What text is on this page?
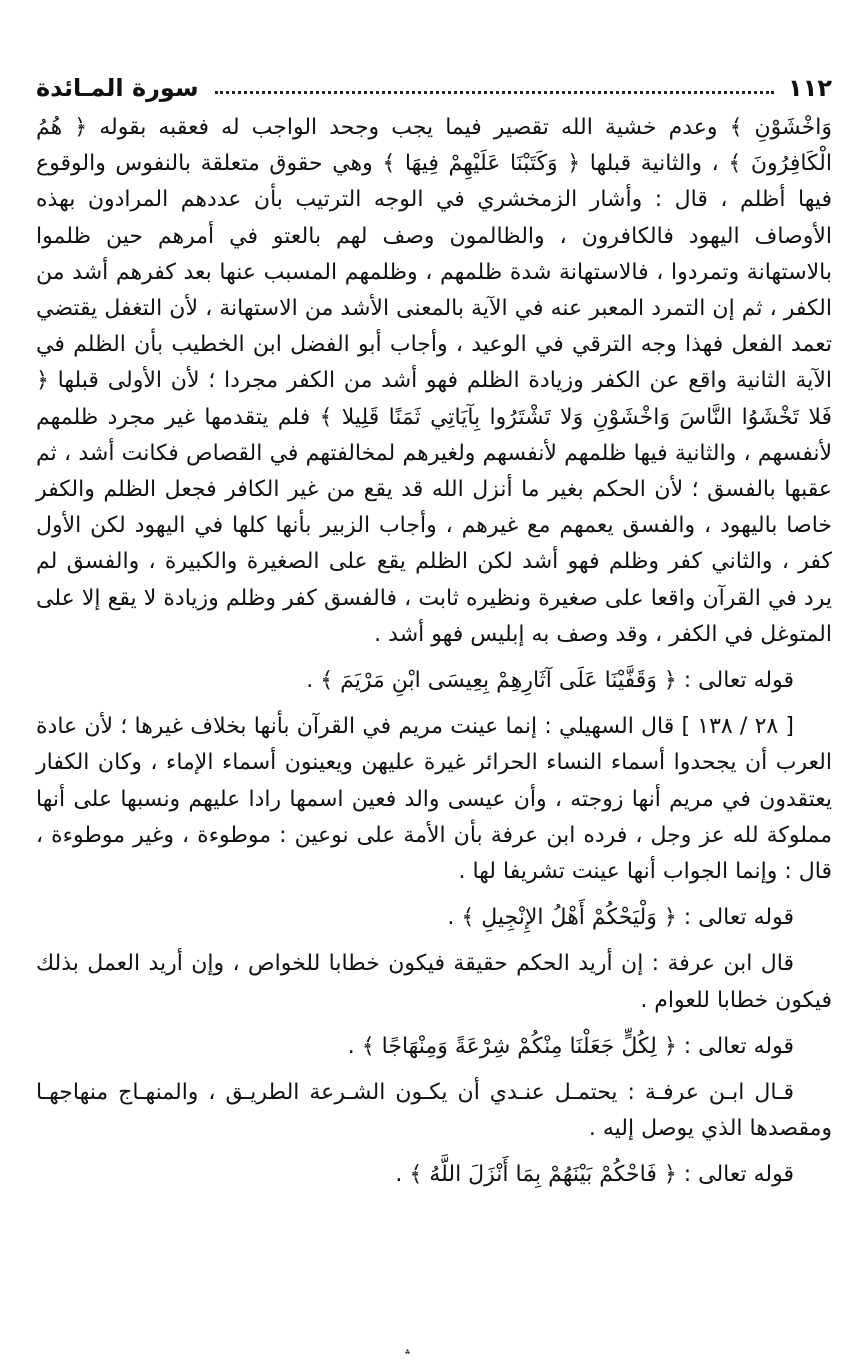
١١٢
سورة المـائدة

وَاخْشَوْنِ ﴾ وعدم خشية الله تقصير فيما يجب وجحد الواجب له فعقبه بقوله ﴿ هُمُ الْكَافِرُونَ ﴾ ، والثانية قبلها ﴿ وَكَتَبْنَا عَلَيْهِمْ فِيهَا ﴾ وهي حقوق متعلقة بالنفوس والوقوع فيها أظلم ، قال : وأشار الزمخشري في الوجه الترتيب بأن عددهم المرادون بهذه الأوصاف اليهود فالكافرون ، والظالمون وصف لهم بالعتو في أمرهم حين ظلموا بالاستهانة وتمردوا ، فالاستهانة شدة ظلمهم ، وظلمهم المسبب عنها بعد كفرهم أشد من الكفر ، ثم إن التمرد المعبر عنه في الآية بالمعنى الأشد من الاستهانة ، لأن التغفل يقتضي تعمد الفعل فهذا وجه الترقي في الوعيد ، وأجاب أبو الفضل ابن الخطيب بأن الظلم في الآية الثانية واقع عن الكفر وزيادة الظلم فهو أشد من الكفر مجردا ؛ لأن الأولى قبلها ﴿ فَلا تَخْشَوُا النَّاسَ وَاخْشَوْنِ وَلا تَشْتَرُوا بِآيَاتِي ثَمَنًا قَلِيلا ﴾ فلم يتقدمها غير مجرد ظلمهم لأنفسهم ، والثانية فيها ظلمهم لأنفسهم ولغيرهم لمخالفتهم في القصاص فكانت أشد ، ثم عقبها بالفسق ؛ لأن الحكم بغير ما أنزل الله قد يقع من غير الكافر فجعل الظلم والكفر خاصا باليهود ، والفسق يعمهم مع غيرهم ، وأجاب الزبير بأنها كلها في اليهود لكن الأول كفر ، والثاني كفر وظلم فهو أشد لكن الظلم يقع على الصغيرة والكبيرة ، والفسق لم يرد في القرآن واقعا على صغيرة ونظيره ثابت ، فالفسق كفر وظلم وزيادة لا يقع إلا على المتوغل في الكفر ، وقد وصف به إبليس فهو أشد .

قوله تعالى : ﴿ وَقَفَّيْنَا عَلَى آثَارِهِمْ بِعِيسَى ابْنِ مَرْيَمَ ﴾ .

[ ٢٨ / ١٣٨ ] قال السهيلي : إنما عينت مريم في القرآن بأنها بخلاف غيرها ؛ لأن عادة العرب أن يجحدوا أسماء النساء الحرائر غيرة عليهن ويعينون أسماء الإماء ، وكان الكفار يعتقدون في مريم أنها زوجته ، وأن عيسى والد فعين اسمها رادا عليهم ونسبها على أنها مملوكة لله عز وجل ، فرده ابن عرفة بأن الأمة على نوعين : موطوءة ، وغير موطوءة ، قال : وإنما الجواب أنها عينت تشريفا لها .

قوله تعالى : ﴿ وَلْيَحْكُمْ أَهْلُ الإِنْجِيلِ ﴾ .

قال ابن عرفة : إن أريد الحكم حقيقة فيكون خطابا للخواص ، وإن أريد العمل بذلك فيكون خطابا للعوام .

قوله تعالى : ﴿ لِكُلٍّ جَعَلْنَا مِنْكُمْ شِرْعَةً وَمِنْهَاجًا ﴾ .

قـال ابـن عرفـة : يحتمـل عنـدي أن يكـون الشـرعة الطريـق ، والمنهـاج منهاجهـا ومقصدها الذي يوصل إليه .

قوله تعالى : ﴿ فَاحْكُمْ بَيْنَهُمْ بِمَا أَنْزَلَ اللَّهُ ﴾ .

؞
